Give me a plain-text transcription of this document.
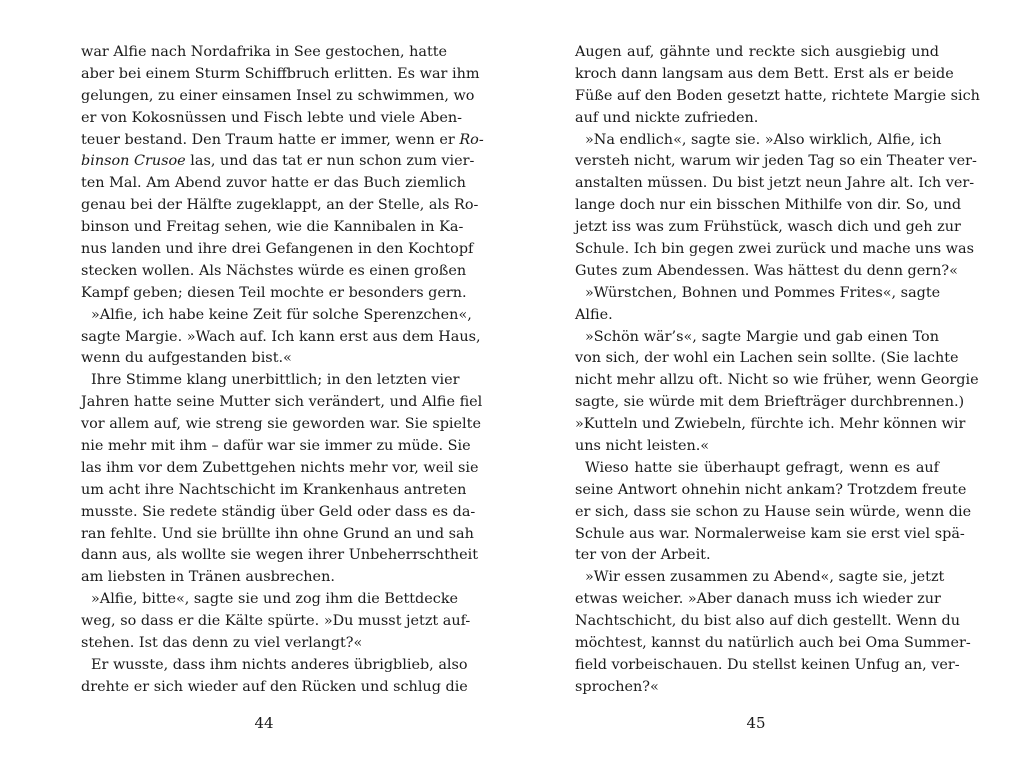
war Alfie nach Nordafrika in See gestochen, hatte
aber bei einem Sturm Schiffbruch erlitten. Es war ihm
gelungen, zu einer einsamen Insel zu schwimmen, wo
er von Kokosnüssen und Fisch lebte und viele Aben-
teuer bestand. Den Traum hatte er immer, wenn er Ro-
binson Crusoe las, und das tat er nun schon zum vier-
ten Mal. Am Abend zuvor hatte er das Buch ziemlich
genau bei der Hälfte zugeklappt, an der Stelle, als Ro-
binson und Freitag sehen, wie die Kannibalen in Ka-
nus landen und ihre drei Gefangenen in den Kochtopf
stecken wollen. Als Nächstes würde es einen großen
Kampf geben; diesen Teil mochte er besonders gern.
»Alfie, ich habe keine Zeit für solche Sperenzchen«,
sagte Margie. »Wach auf. Ich kann erst aus dem Haus,
wenn du aufgestanden bist.«
Ihre Stimme klang unerbittlich; in den letzten vier
Jahren hatte seine Mutter sich verändert, und Alfie fiel
vor allem auf, wie streng sie geworden war. Sie spielte
nie mehr mit ihm – dafür war sie immer zu müde. Sie
las ihm vor dem Zubettgehen nichts mehr vor, weil sie
um acht ihre Nachtschicht im Krankenhaus antreten
musste. Sie redete ständig über Geld oder dass es da-
ran fehlte. Und sie brüllte ihn ohne Grund an und sah
dann aus, als wollte sie wegen ihrer Unbeherrschtheit
am liebsten in Tränen ausbrechen.
»Alfie, bitte«, sagte sie und zog ihm die Bettdecke
weg, so dass er die Kälte spürte. »Du musst jetzt auf-
stehen. Ist das denn zu viel verlangt?«
Er wusste, dass ihm nichts anderes übrigblieb, also
drehte er sich wieder auf den Rücken und schlug die
Augen auf, gähnte und reckte sich ausgiebig und
kroch dann langsam aus dem Bett. Erst als er beide
Füße auf den Boden gesetzt hatte, richtete Margie sich
auf und nickte zufrieden.
»Na endlich«, sagte sie. »Also wirklich, Alfie, ich
versteh nicht, warum wir jeden Tag so ein Theater ver-
anstalten müssen. Du bist jetzt neun Jahre alt. Ich ver-
lange doch nur ein bisschen Mithilfe von dir. So, und
jetzt iss was zum Frühstück, wasch dich und geh zur
Schule. Ich bin gegen zwei zurück und mache uns was
Gutes zum Abendessen. Was hättest du denn gern?«
»Würstchen, Bohnen und Pommes Frites«, sagte
Alfie.
»Schön wär’s«, sagte Margie und gab einen Ton
von sich, der wohl ein Lachen sein sollte. (Sie lachte
nicht mehr allzu oft. Nicht so wie früher, wenn Georgie
sagte, sie würde mit dem Briefträger durchbrennen.)
»Kutteln und Zwiebeln, fürchte ich. Mehr können wir
uns nicht leisten.«
Wieso hatte sie überhaupt gefragt, wenn es auf
seine Antwort ohnehin nicht ankam? Trotzdem freute
er sich, dass sie schon zu Hause sein würde, wenn die
Schule aus war. Normalerweise kam sie erst viel spä-
ter von der Arbeit.
»Wir essen zusammen zu Abend«, sagte sie, jetzt
etwas weicher. »Aber danach muss ich wieder zur
Nachtschicht, du bist also auf dich gestellt. Wenn du
möchtest, kannst du natürlich auch bei Oma Summer-
field vorbeischauen. Du stellst keinen Unfug an, ver-
sprochen?«
44	45
